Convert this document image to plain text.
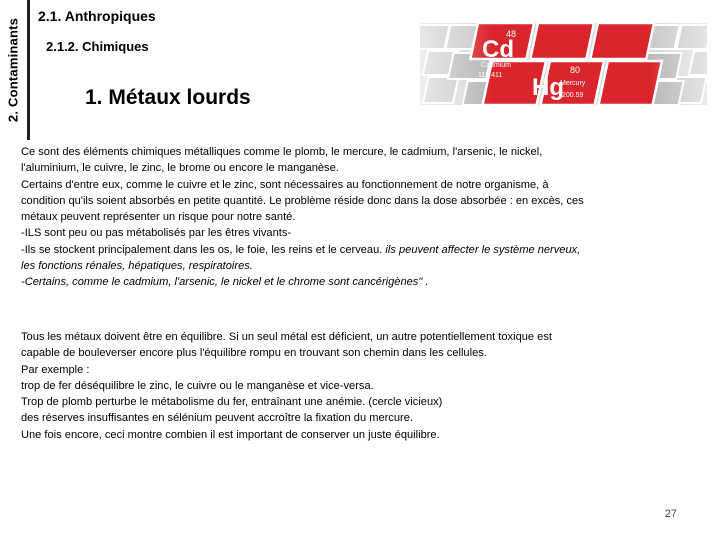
2. Contaminants
2.1. Anthropiques
2.1.2. Chimiques
1. Métaux lourds
Ce sont des éléments chimiques métalliques comme le plomb, le mercure, le cadmium, l'arsenic, le nickel,
l'aluminium, le cuivre, le zinc, le brome ou encore le manganèse.
Certains d'entre eux, comme le cuivre et le zinc, sont nécessaires au fonctionnement de notre organisme, à
condition qu'ils soient absorbés en petite quantité. Le problème réside donc dans la dose absorbée : en excès, ces
métaux peuvent représenter un risque pour notre santé.
-ILS sont peu ou pas métabolisés par les êtres vivants-
-Ils se stockent principalement dans les os, le foie, les reins et le cerveau. ils peuvent affecter le système nerveux,
les fonctions rénales, hépatiques, respiratoires.
-Certains, comme le cadmium, l'arsenic, le nickel et le chrome sont cancérigènes" .
Tous les métaux doivent être en équilibre. Si un seul métal est déficient, un autre potentiellement toxique est
capable de bouleverser encore plus l'équilibre rompu en trouvant son chemin dans les cellules.
Par exemple :
trop de fer déséquilibre le zinc, le cuivre ou le manganèse et vice-versa.
Trop de plomb perturbe le métabolisme du fer, entraînant une anémie. (cercle vicieux)
des réserves insuffisantes en sélénium peuvent accroître la fixation du mercure.
Une fois encore, ceci montre combien il est important de conserver un juste équilibre.
27
